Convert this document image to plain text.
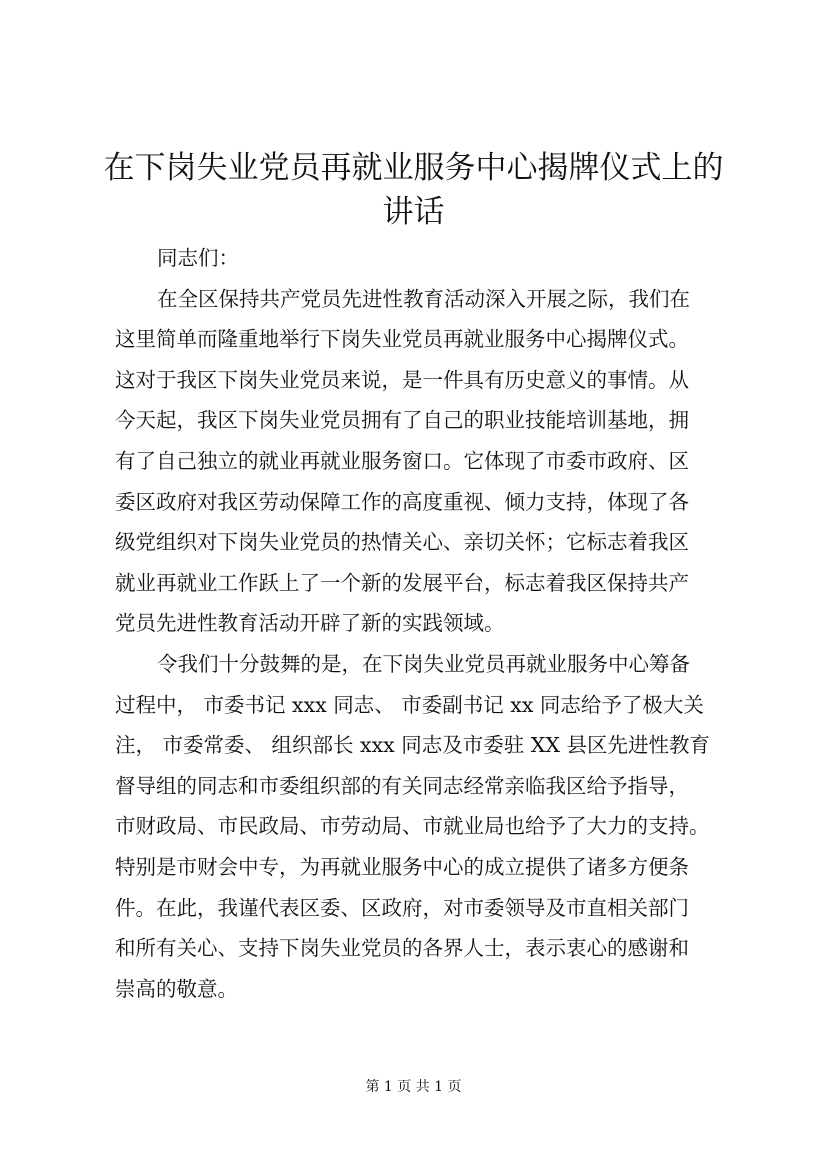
在下岗失业党员再就业服务中心揭牌仪式上的
讲话
同志们：
在全区保持共产党员先进性教育活动深入开展之际，我们在
这里简单而隆重地举行下岗失业党员再就业服务中心揭牌仪式。
这对于我区下岗失业党员来说，是一件具有历史意义的事情。从
今天起，我区下岗失业党员拥有了自己的职业技能培训基地，拥
有了自己独立的就业再就业服务窗口。它体现了市委市政府、区
委区政府对我区劳动保障工作的高度重视、倾力支持，体现了各
级党组织对下岗失业党员的热情关心、亲切关怀；它标志着我区
就业再就业工作跃上了一个新的发展平台，标志着我区保持共产
党员先进性教育活动开辟了新的实践领域。
令我们十分鼓舞的是，在下岗失业党员再就业服务中心筹备
过程中， 市委书记 xxx 同志、 市委副书记 xx 同志给予了极大关
注， 市委常委、 组织部长 xxx 同志及市委驻 XX 县区先进性教育
督导组的同志和市委组织部的有关同志经常亲临我区给予指导，
市财政局、市民政局、市劳动局、市就业局也给予了大力的支持。
特别是市财会中专，为再就业服务中心的成立提供了诸多方便条
件。在此，我谨代表区委、区政府，对市委领导及市直相关部门
和所有关心、支持下岗失业党员的各界人士，表示衷心的感谢和
崇高的敬意。
第 1 页 共 1 页
